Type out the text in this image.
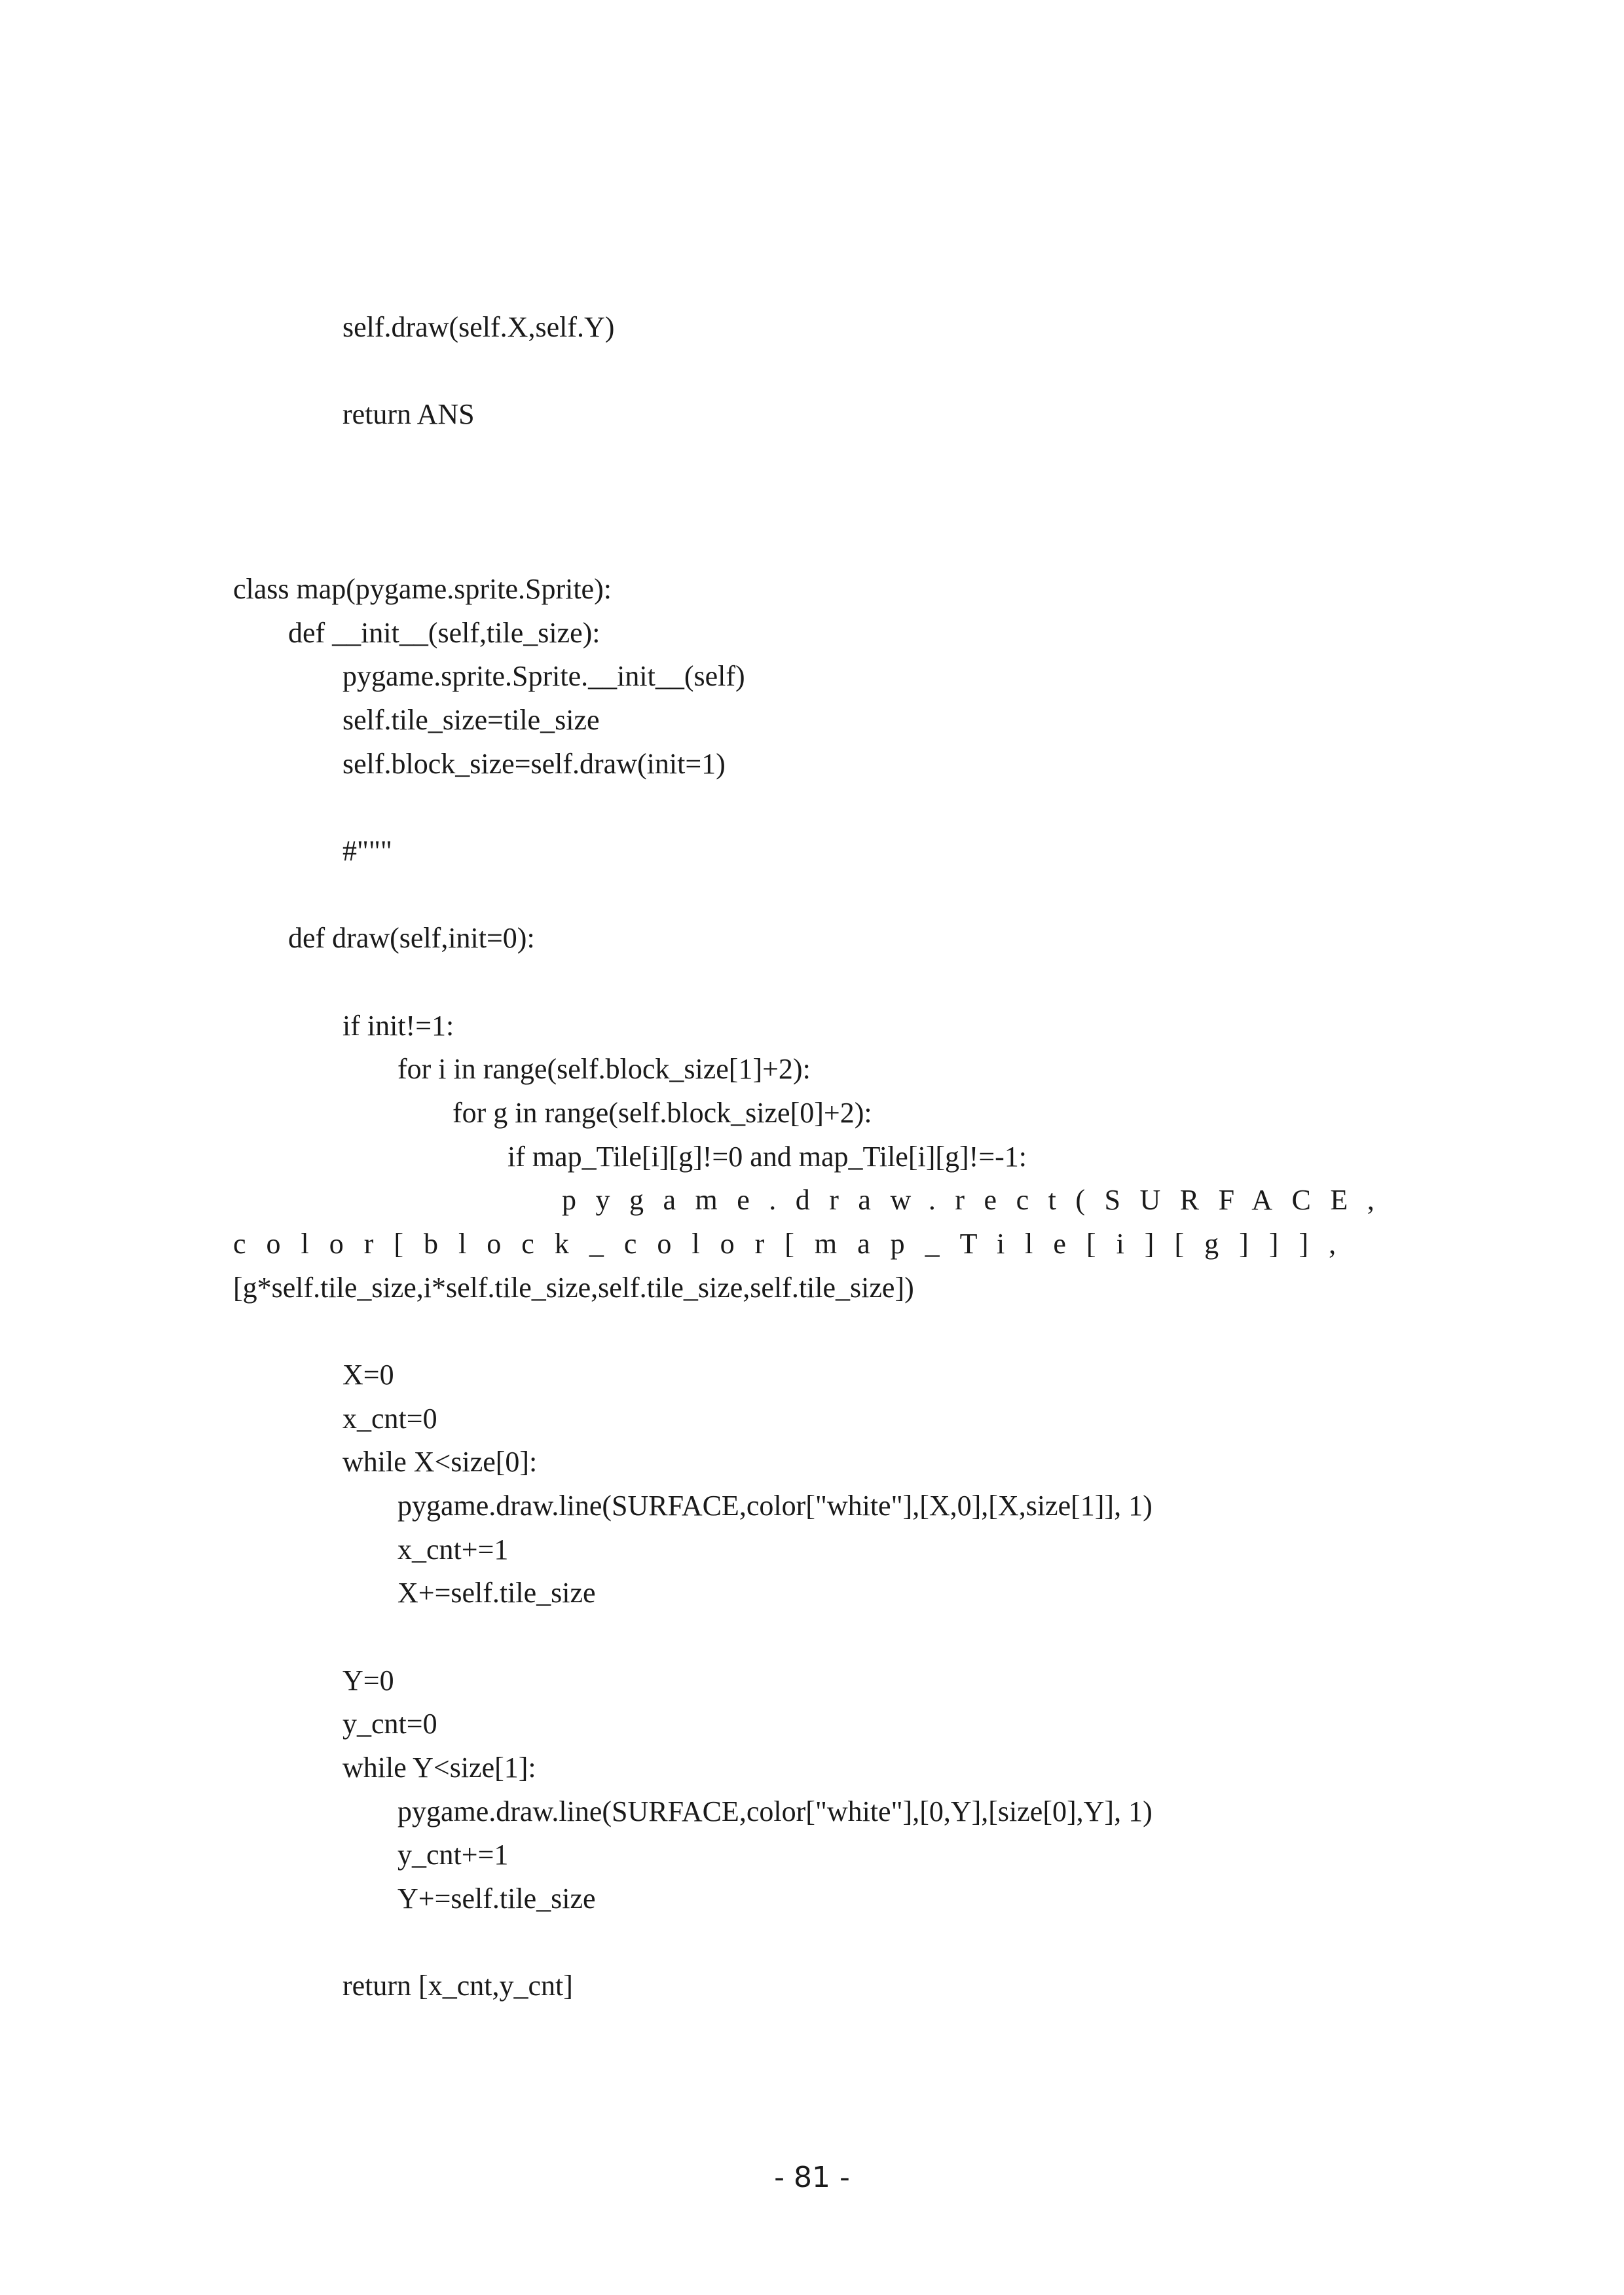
self.draw(self.X,self.Y)
return ANS
class map(pygame.sprite.Sprite):
def __init__(self,tile_size):
pygame.sprite.Sprite.__init__(self)
self.tile_size=tile_size
self.block_size=self.draw(init=1)
#"""
def draw(self,init=0):
if init!=1:
for i in range(self.block_size[1]+2):
for g in range(self.block_size[0]+2):
if map_Tile[i][g]!=0 and map_Tile[i][g]!=-1:
pygame.draw.rect(SURFACE,
color[block_color[map_Tile[i][g]]],
[g*self.tile_size,i*self.tile_size,self.tile_size,self.tile_size])
X=0
x_cnt=0
while X<size[0]:
pygame.draw.line(SURFACE,color["white"],[X,0],[X,size[1]], 1)
x_cnt+=1
X+=self.tile_size
Y=0
y_cnt=0
while Y<size[1]:
pygame.draw.line(SURFACE,color["white"],[0,Y],[size[0],Y], 1)
y_cnt+=1
Y+=self.tile_size
return [x_cnt,y_cnt]
- 81 -
